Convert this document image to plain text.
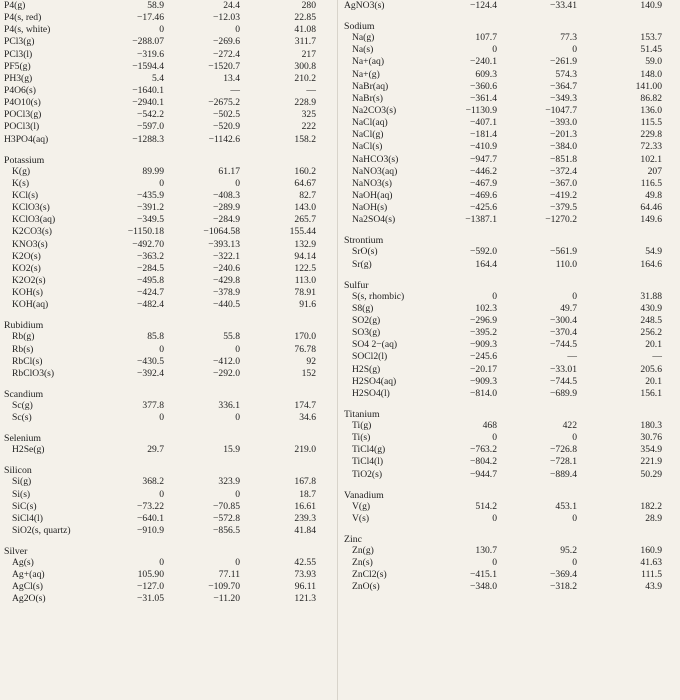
P4(g)	58.9	24.4	280
P4(s, red)	−17.46	−12.03	22.85
P4(s, white)	0	0	41.08
PCl3(g)	−288.07	−269.6	311.7
PCl3(l)	−319.6	−272.4	217
PF5(g)	−1594.4	−1520.7	300.8
PH3(g)	5.4	13.4	210.2
P4O6(s)	−1640.1	—	—
P4O10(s)	−2940.1	−2675.2	228.9
POCl3(g)	−542.2	−502.5	325
POCl3(l)	−597.0	−520.9	222
H3PO4(aq)	−1288.3	−1142.6	158.2
Potassium
K(g)	89.99	61.17	160.2
K(s)	0	0	64.67
KCl(s)	−435.9	−408.3	82.7
KClO3(s)	−391.2	−289.9	143.0
KClO3(aq)	−349.5	−284.9	265.7
K2CO3(s)	−1150.18	−1064.58	155.44
KNO3(s)	−492.70	−393.13	132.9
K2O(s)	−363.2	−322.1	94.14
KO2(s)	−284.5	−240.6	122.5
K2O2(s)	−495.8	−429.8	113.0
KOH(s)	−424.7	−378.9	78.91
KOH(aq)	−482.4	−440.5	91.6
Rubidium
Rb(g)	85.8	55.8	170.0
Rb(s)	0	0	76.78
RbCl(s)	−430.5	−412.0	92
RbClO3(s)	−392.4	−292.0	152
Scandium
Sc(g)	377.8	336.1	174.7
Sc(s)	0	0	34.6
Selenium
H2Se(g)	29.7	15.9	219.0
Silicon
Si(g)	368.2	323.9	167.8
Si(s)	0	0	18.7
SiC(s)	−73.22	−70.85	16.61
SiCl4(l)	−640.1	−572.8	239.3
SiO2(s, quartz)	−910.9	−856.5	41.84
Silver
Ag(s)	0	0	42.55
Ag+(aq)	105.90	77.11	73.93
AgCl(s)	−127.0	−109.70	96.11
Ag2O(s)	−31.05	−11.20	121.3
AgNO3(s)	−124.4	−33.41	140.9
Sodium
Na(g)	107.7	77.3	153.7
Na(s)	0	0	51.45
Na+(aq)	−240.1	−261.9	59.0
Na+(g)	609.3	574.3	148.0
NaBr(aq)	−360.6	−364.7	141.00
NaBr(s)	−361.4	−349.3	86.82
Na2CO3(s)	−1130.9	−1047.7	136.0
NaCl(aq)	−407.1	−393.0	115.5
NaCl(g)	−181.4	−201.3	229.8
NaCl(s)	−410.9	−384.0	72.33
NaHCO3(s)	−947.7	−851.8	102.1
NaNO3(aq)	−446.2	−372.4	207
NaNO3(s)	−467.9	−367.0	116.5
NaOH(aq)	−469.6	−419.2	49.8
NaOH(s)	−425.6	−379.5	64.46
Na2SO4(s)	−1387.1	−1270.2	149.6
Strontium
SrO(s)	−592.0	−561.9	54.9
Sr(g)	164.4	110.0	164.6
Sulfur
S(s, rhombic)	0	0	31.88
S8(g)	102.3	49.7	430.9
SO2(g)	−296.9	−300.4	248.5
SO3(g)	−395.2	−370.4	256.2
SO4 2−(aq)	−909.3	−744.5	20.1
SOCl2(l)	−245.6	—	—
H2S(g)	−20.17	−33.01	205.6
H2SO4(aq)	−909.3	−744.5	20.1
H2SO4(l)	−814.0	−689.9	156.1
Titanium
Ti(g)	468	422	180.3
Ti(s)	0	0	30.76
TiCl4(g)	−763.2	−726.8	354.9
TiCl4(l)	−804.2	−728.1	221.9
TiO2(s)	−944.7	−889.4	50.29
Vanadium
V(g)	514.2	453.1	182.2
V(s)	0	0	28.9
Zinc
Zn(g)	130.7	95.2	160.9
Zn(s)	0	0	41.63
ZnCl2(s)	−415.1	−369.4	111.5
ZnO(s)	−348.0	−318.2	43.9
